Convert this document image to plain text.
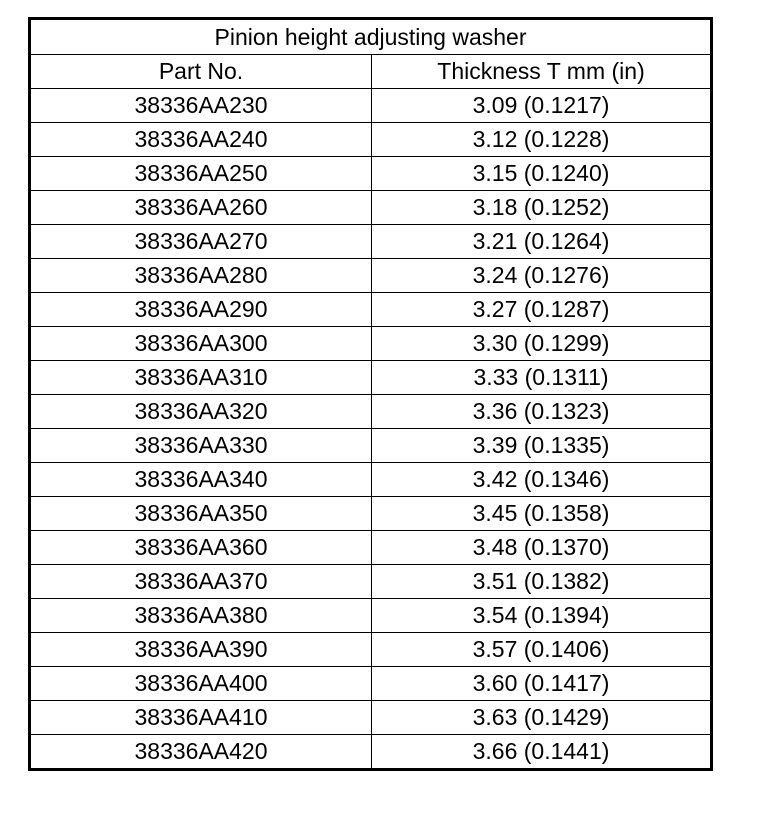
Pinion height adjusting washer	
Part No.	Thickness T mm (in)
38336AA230	3.09 (0.1217)
38336AA240	3.12 (0.1228)
38336AA250	3.15 (0.1240)
38336AA260	3.18 (0.1252)
38336AA270	3.21 (0.1264)
38336AA280	3.24 (0.1276)
38336AA290	3.27 (0.1287)
38336AA300	3.30 (0.1299)
38336AA310	3.33 (0.1311)
38336AA320	3.36 (0.1323)
38336AA330	3.39 (0.1335)
38336AA340	3.42 (0.1346)
38336AA350	3.45 (0.1358)
38336AA360	3.48 (0.1370)
38336AA370	3.51 (0.1382)
38336AA380	3.54 (0.1394)
38336AA390	3.57 (0.1406)
38336AA400	3.60 (0.1417)
38336AA410	3.63 (0.1429)
38336AA420	3.66 (0.1441)
